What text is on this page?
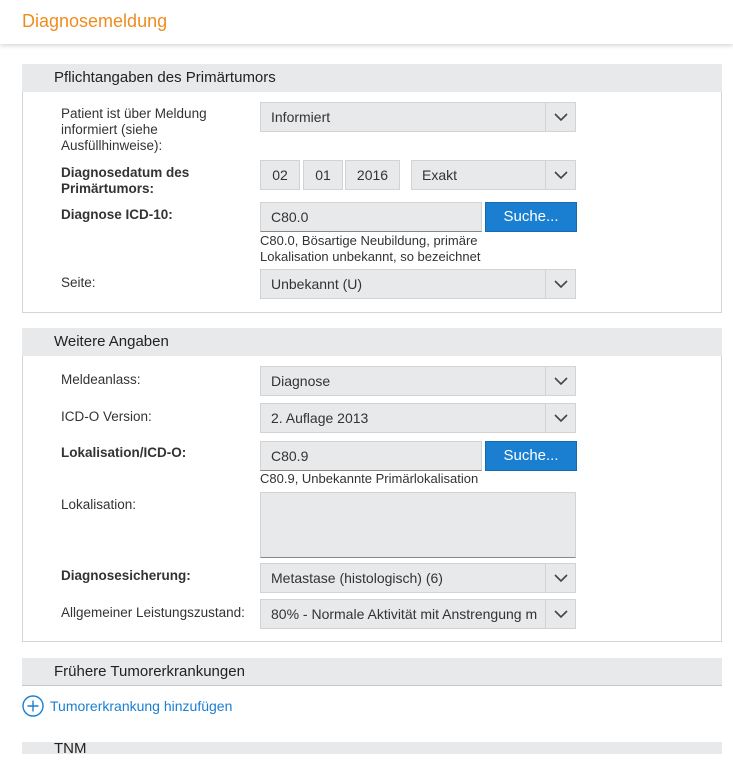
Diagnosemeldung
Pflichtangaben des Primärtumors
Patient ist über Meldung informiert (siehe Ausfüllhinweise):
Informiert
Diagnosedatum des Primärtumors:
02	01	2016	Exakt
Diagnose ICD-10:	C80.0	Suche...
C80.0, Bösartige Neubildung, primäre Lokalisation unbekannt, so bezeichnet
Seite:	Unbekannt (U)
Weitere Angaben
Meldeanlass:	Diagnose
ICD-O Version:	2. Auflage 2013
Lokalisation/ICD-O:	C80.9	Suche...
C80.9, Unbekannte Primärlokalisation
Lokalisation:
Diagnosesicherung:	Metastase (histologisch) (6)
Allgemeiner Leistungszustand:	80% - Normale Aktivität mit Anstrengung m
Frühere Tumorerkrankungen
Tumorerkrankung hinzufügen
TNM
